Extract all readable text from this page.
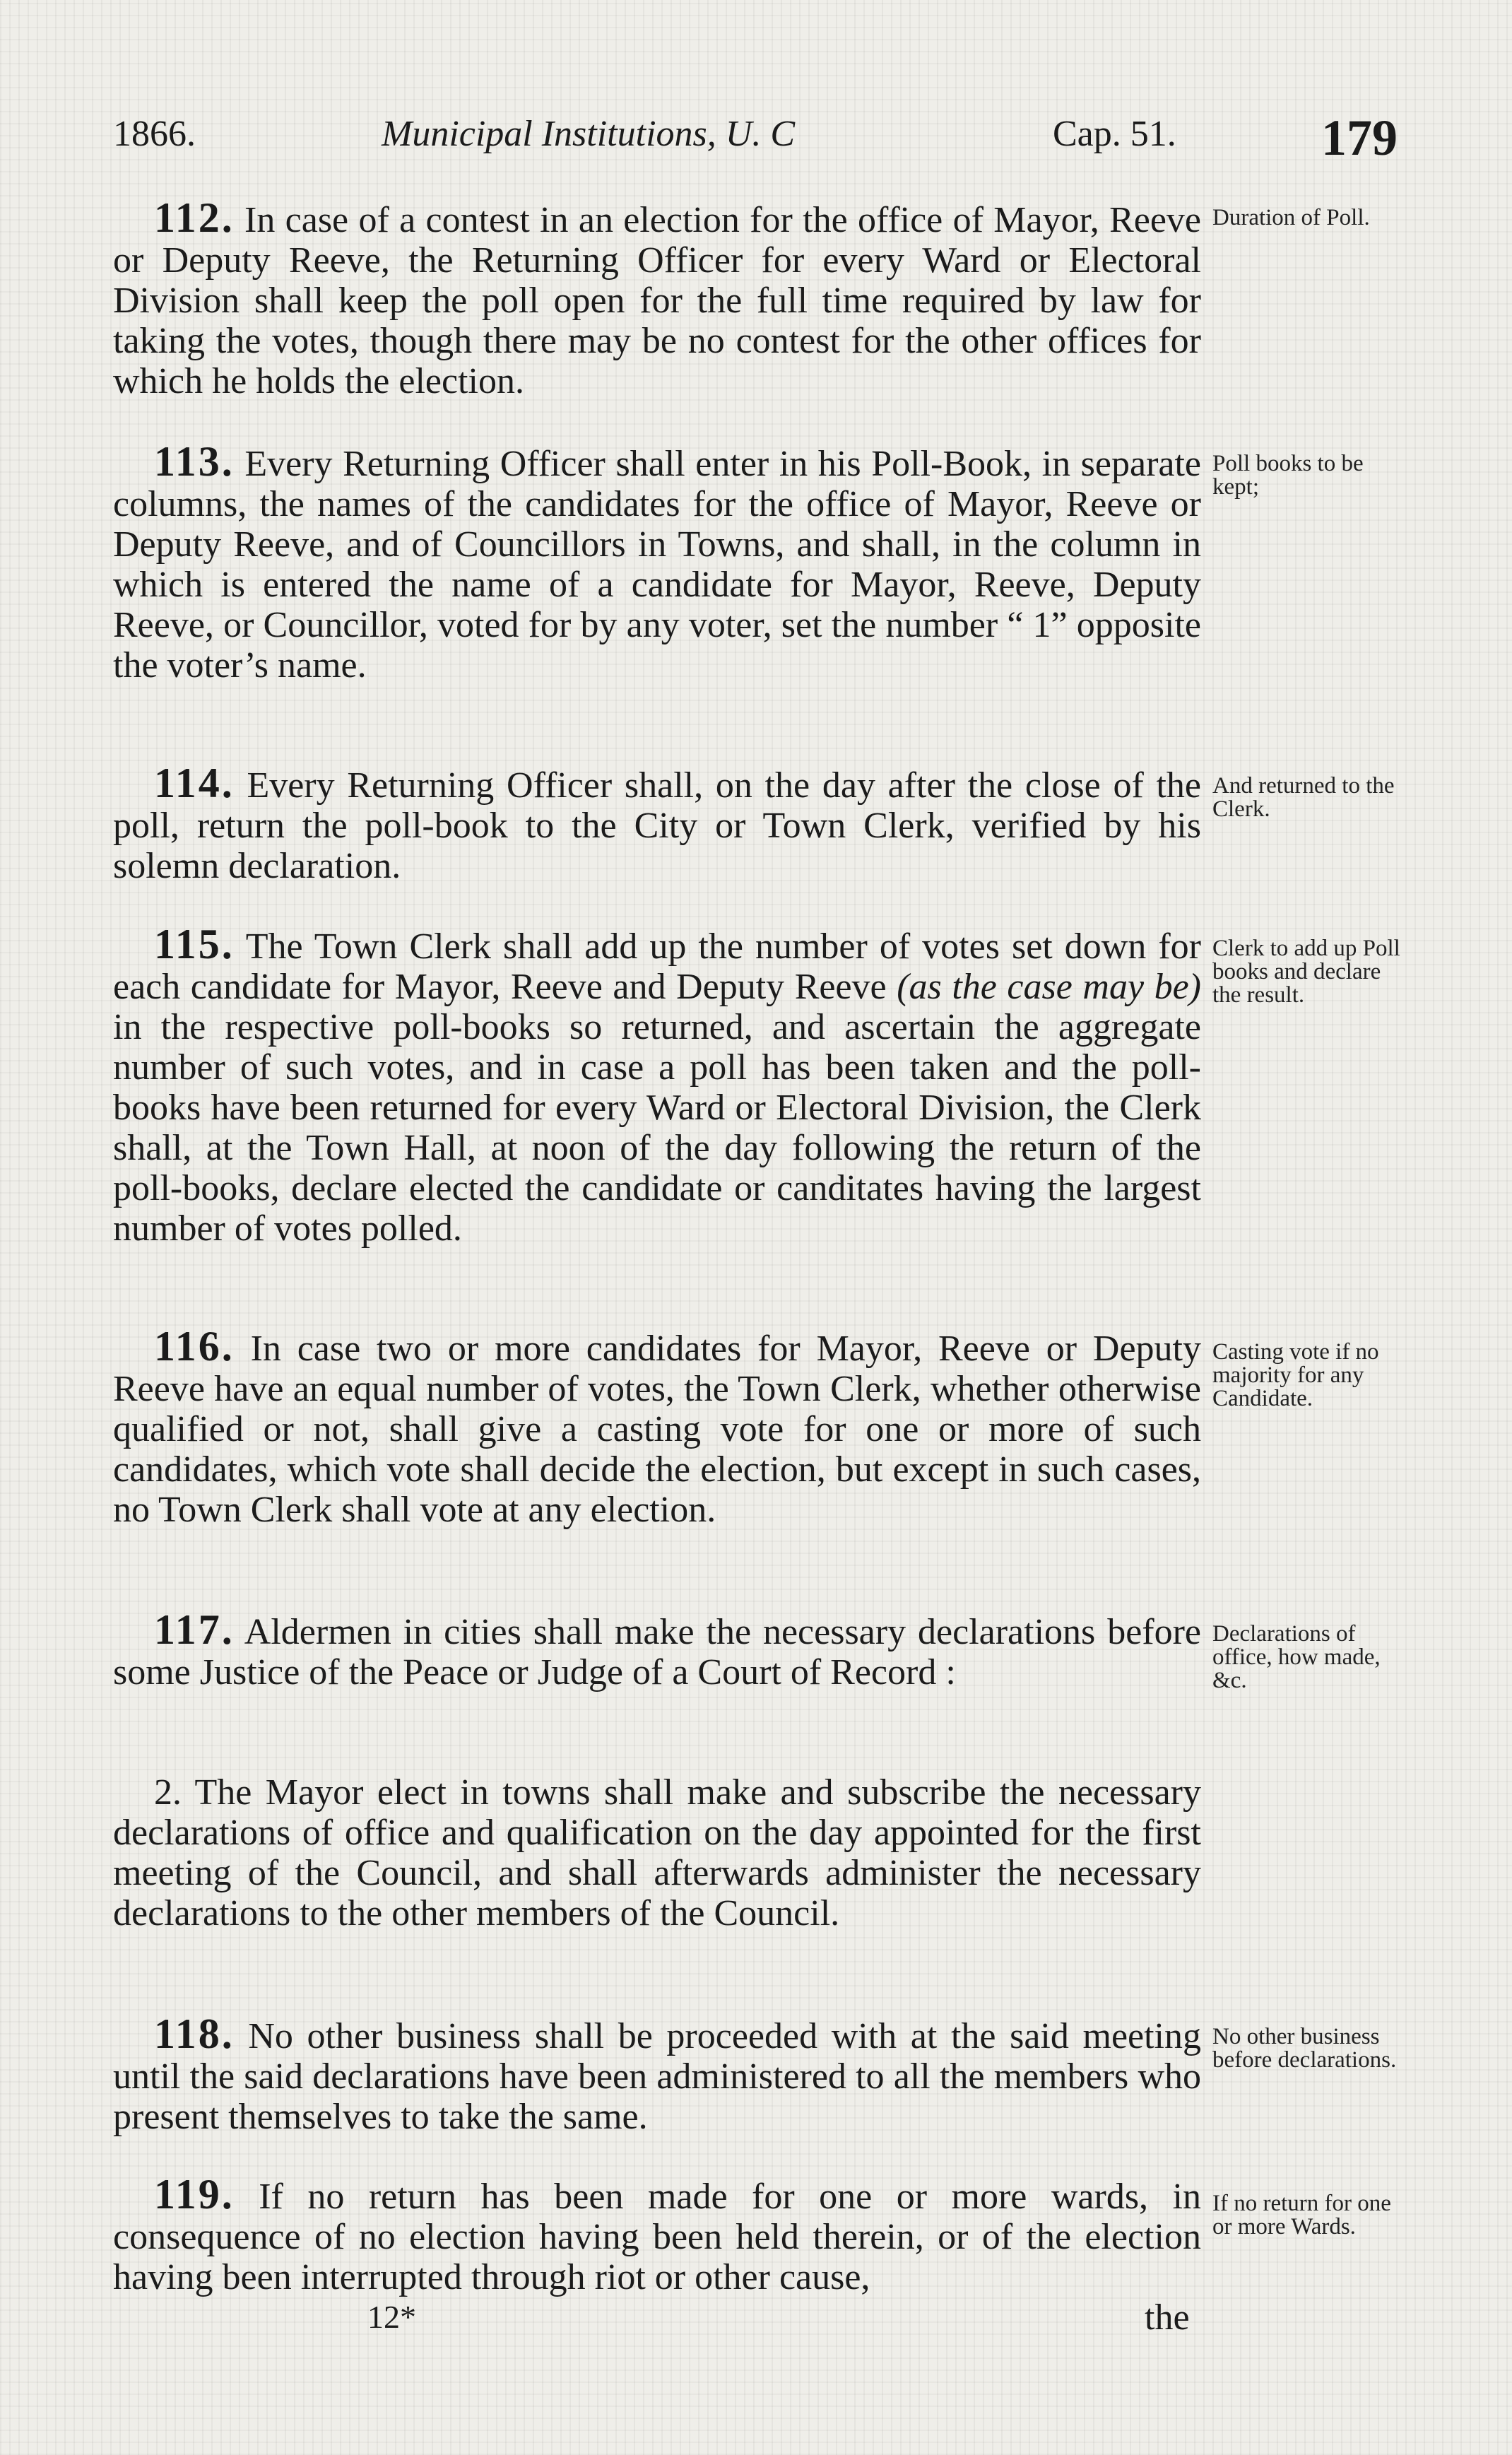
1866.	Municipal Institutions, U. C	Cap. 51.	179
112. In case of a contest in an election for the office of Mayor, Reeve or Deputy Reeve, the Returning Officer for every Ward or Electoral Division shall keep the poll open for the full time required by law for taking the votes, though there may be no contest for the other offices for which he holds the election.
Duration of Poll.
113. Every Returning Officer shall enter in his Poll-Book, in separate columns, the names of the candidates for the office of Mayor, Reeve or Deputy Reeve, and of Councillors in Towns, and shall, in the column in which is entered the name of a candidate for Mayor, Reeve, Deputy Reeve, or Councillor, voted for by any voter, set the number “ 1” opposite the voter’s name.
Poll books to be kept;
114. Every Returning Officer shall, on the day after the close of the poll, return the poll-book to the City or Town Clerk, verified by his solemn declaration.
And returned to the Clerk.
115. The Town Clerk shall add up the number of votes set down for each candidate for Mayor, Reeve and Deputy Reeve (as the case may be) in the respective poll-books so returned, and ascertain the aggregate number of such votes, and in case a poll has been taken and the poll-books have been returned for every Ward or Electoral Division, the Clerk shall, at the Town Hall, at noon of the day following the return of the poll-books, declare elected the candidate or canditates having the largest number of votes polled.
Clerk to add up Poll books and declare the result.
116. In case two or more candidates for Mayor, Reeve or Deputy Reeve have an equal number of votes, the Town Clerk, whether otherwise qualified or not, shall give a casting vote for one or more of such candidates, which vote shall decide the election, but except in such cases, no Town Clerk shall vote at any election.
Casting vote if no majority for any Candidate.
117. Aldermen in cities shall make the necessary declarations before some Justice of the Peace or Judge of a Court of Record :
Declarations of office, how made, &c.
2. The Mayor elect in towns shall make and subscribe the necessary declarations of office and qualification on the day appointed for the first meeting of the Council, and shall afterwards administer the necessary declarations to the other members of the Council.
118. No other business shall be proceeded with at the said meeting until the said declarations have been administered to all the members who present themselves to take the same.
No other business before declarations.
119. If no return has been made for one or more wards, in consequence of no election having been held therein, or of the election having been interrupted through riot or other cause,
If no return for one or more Wards.
12*	the
